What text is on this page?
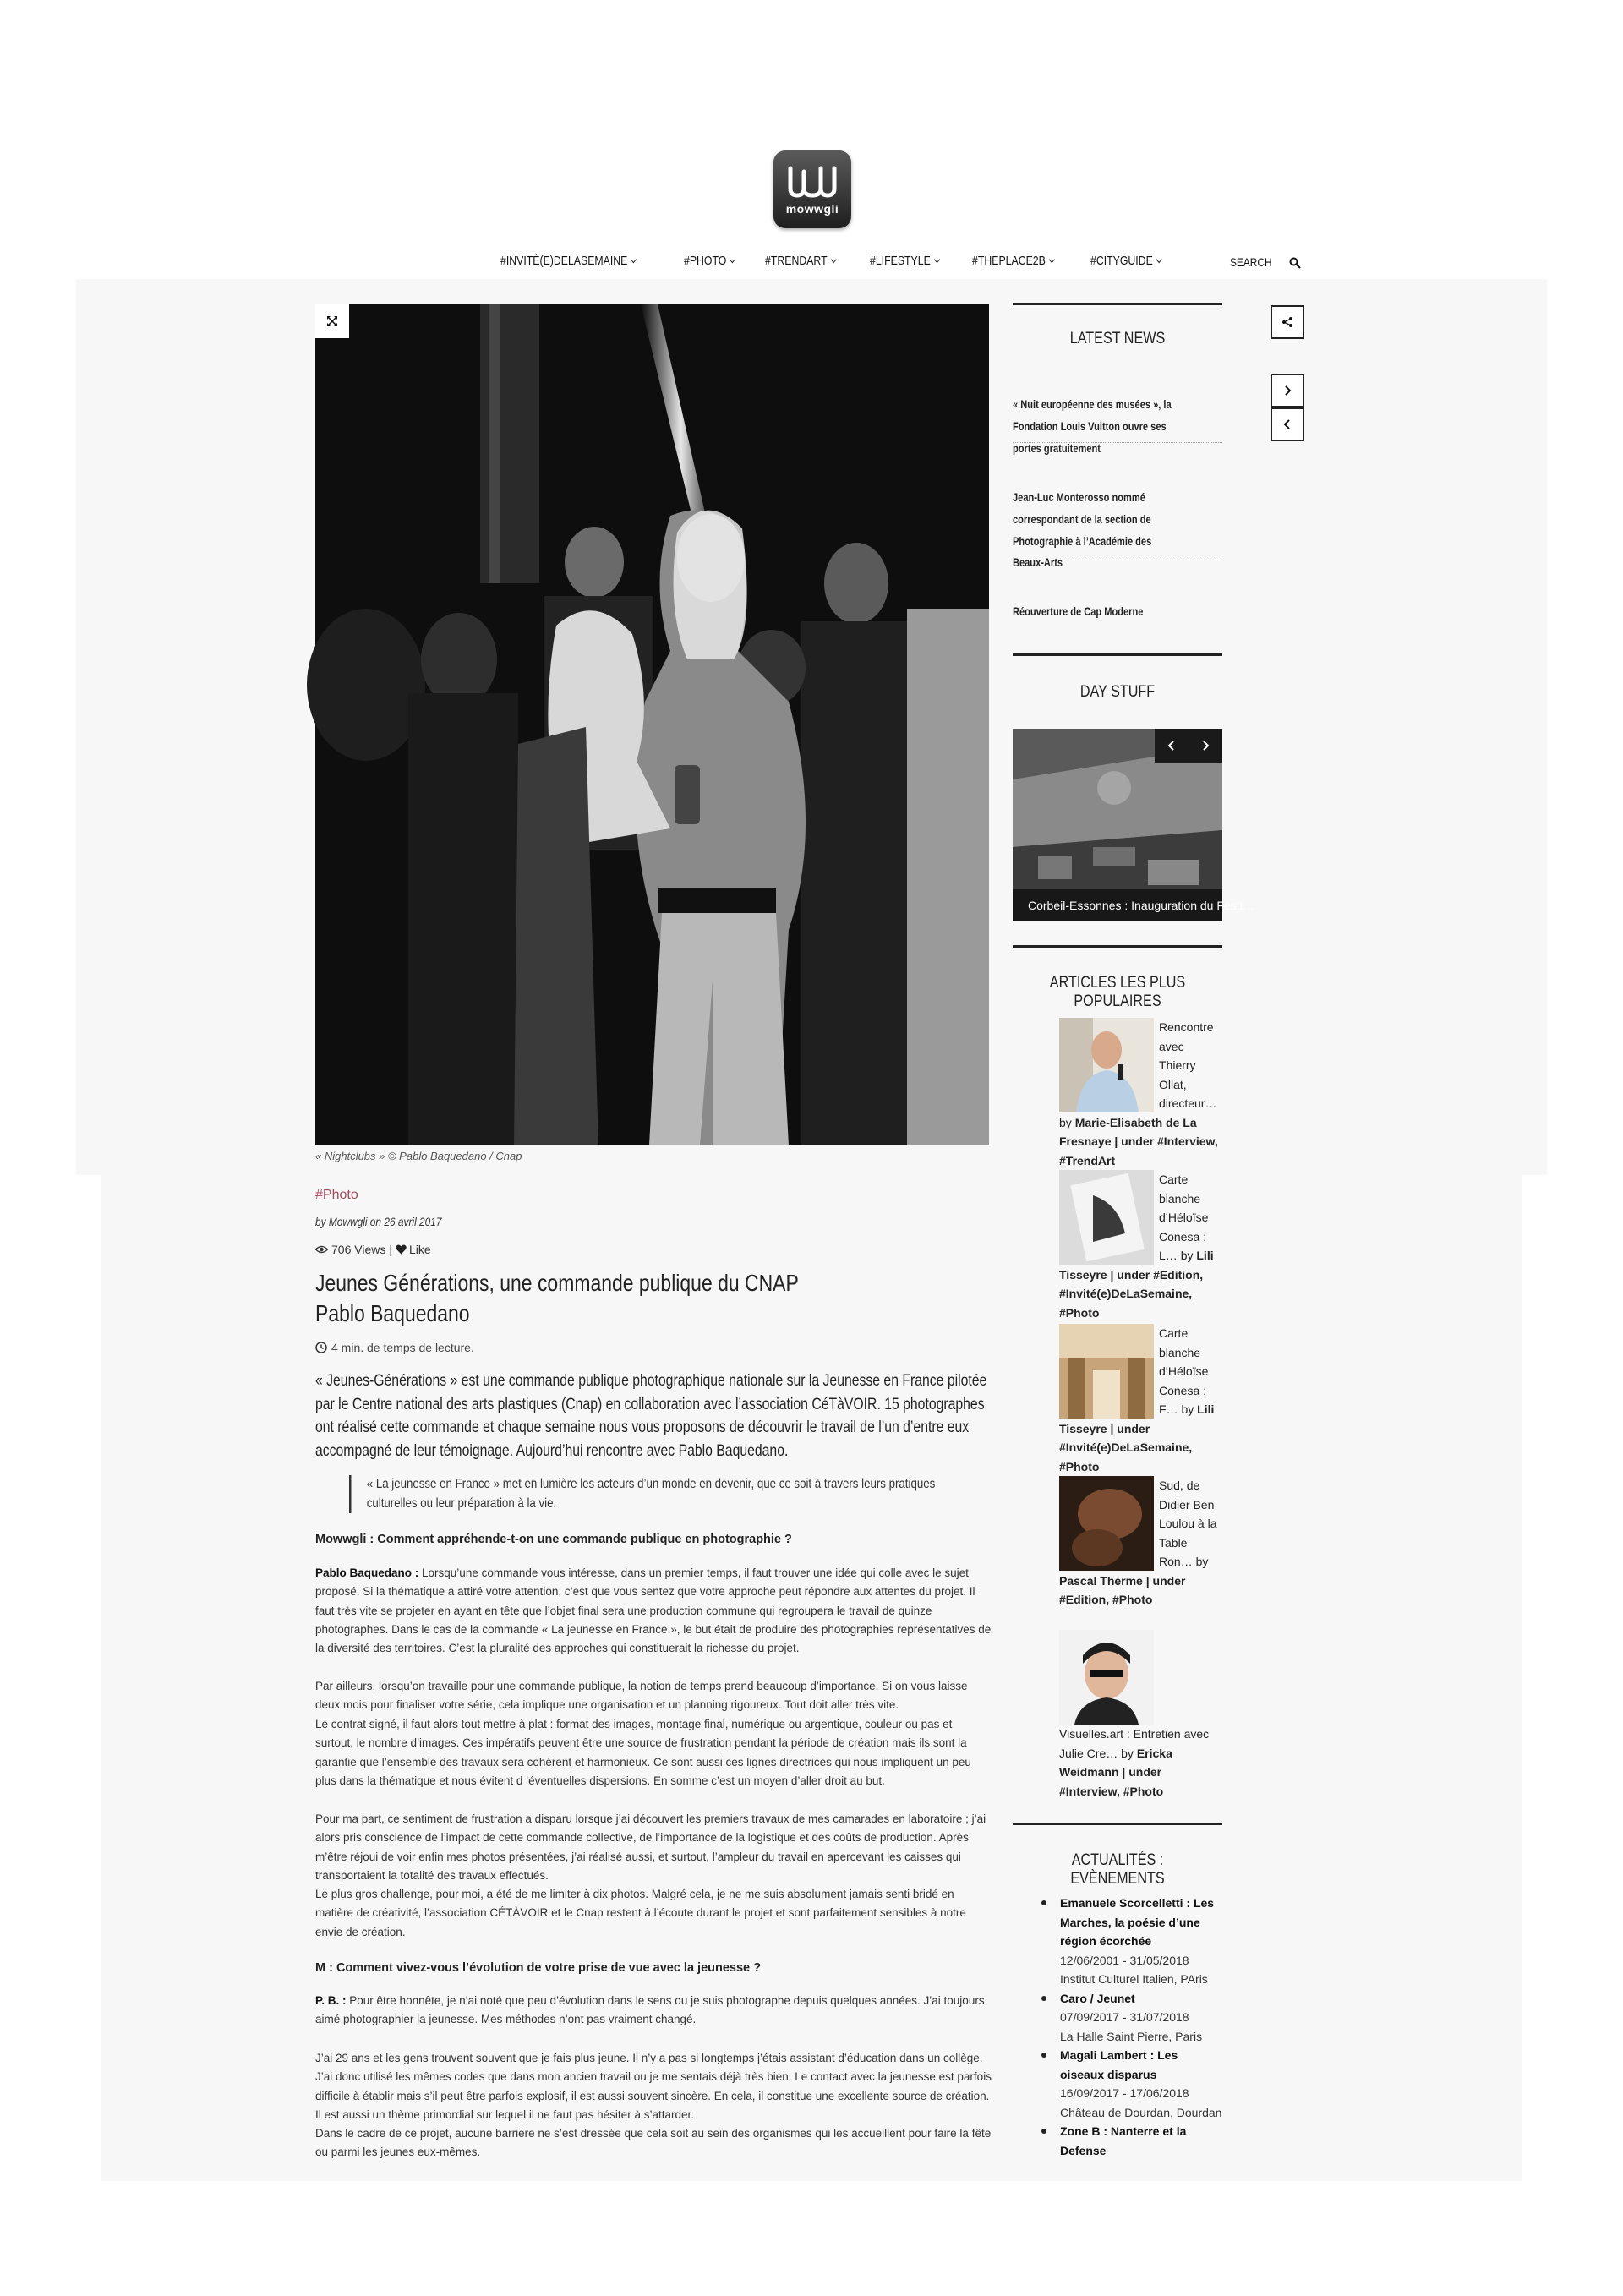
mowwgli
#INVITÉ(E)DELASEMAINE	#PHOTO	#TRENDART	#LIFESTYLE	#THEPLACE2B	#CITYGUIDE	SEARCH
« Nightclubs » © Pablo Baquedano / Cnap
#Photo
by Mowwgli on 26 avril 2017
706 Views | Like
Jeunes Générations, une commande publique du CNAP
Pablo Baquedano
4 min. de temps de lecture.
« Jeunes-Générations » est une commande publique photographique nationale sur la Jeunesse en France pilotée par le Centre national des arts plastiques (Cnap) en collaboration avec l’association CéTàVOIR. 15 photographes ont réalisé cette commande et chaque semaine nous vous proposons de découvrir le travail de l’un d’entre eux accompagné de leur témoignage. Aujourd’hui rencontre avec Pablo Baquedano.
« La jeunesse en France » met en lumière les acteurs d’un monde en devenir, que ce soit à travers leurs pratiques culturelles ou leur préparation à la vie.
Mowwgli : Comment appréhende-t-on une commande publique en photographie ?
Pablo Baquedano : Lorsqu’une commande vous intéresse, dans un premier temps, il faut trouver une idée qui colle avec le sujet proposé. Si la thématique a attiré votre attention, c’est que vous sentez que votre approche peut répondre aux attentes du projet. Il faut très vite se projeter en ayant en tête que l’objet final sera une production commune qui regroupera le travail de quinze photographes. Dans le cas de la commande « La jeunesse en France », le but était de produire des photographies représentatives de la diversité des territoires. C’est la pluralité des approches qui constituerait la richesse du projet.
Par ailleurs, lorsqu’on travaille pour une commande publique, la notion de temps prend beaucoup d’importance. Si on vous laisse deux mois pour finaliser votre série, cela implique une organisation et un planning rigoureux. Tout doit aller très vite.
Le contrat signé, il faut alors tout mettre à plat : format des images, montage final, numérique ou argentique, couleur ou pas et surtout, le nombre d’images. Ces impératifs peuvent être une source de frustration pendant la période de création mais ils sont la garantie que l’ensemble des travaux sera cohérent et harmonieux. Ce sont aussi ces lignes directrices qui nous impliquent un peu plus dans la thématique et nous évitent d ’éventuelles dispersions. En somme c’est un moyen d’aller droit au but.
Pour ma part, ce sentiment de frustration a disparu lorsque j’ai découvert les premiers travaux de mes camarades en laboratoire ; j’ai alors pris conscience de l’impact de cette commande collective, de l’importance de la logistique et des coûts de production. Après m’être réjoui de voir enfin mes photos présentées, j’ai réalisé aussi, et surtout, l’ampleur du travail en apercevant les caisses qui transportaient la totalité des travaux effectués.
Le plus gros challenge, pour moi, a été de me limiter à dix photos. Malgré cela, je ne me suis absolument jamais senti bridé en matière de créativité, l’association CÉTÀVOIR et le Cnap restent à l’écoute durant le projet et sont parfaitement sensibles à notre envie de création.
M : Comment vivez-vous l’évolution de votre prise de vue avec la jeunesse ?
P. B. : Pour être honnête, je n’ai noté que peu d’évolution dans le sens ou je suis photographe depuis quelques années. J’ai toujours aimé photographier la jeunesse. Mes méthodes n’ont pas vraiment changé.
J’ai 29 ans et les gens trouvent souvent que je fais plus jeune. Il n’y a pas si longtemps j’étais assistant d’éducation dans un collège. J’ai donc utilisé les mêmes codes que dans mon ancien travail ou je me sentais déjà très bien. Le contact avec la jeunesse est parfois difficile à établir mais s’il peut être parfois explosif, il est aussi souvent sincère. En cela, il constitue une excellente source de création. Il est aussi un thème primordial sur lequel il ne faut pas hésiter à s’attarder.
Dans le cadre de ce projet, aucune barrière ne s’est dressée que cela soit au sein des organismes qui les accueillent pour faire la fête ou parmi les jeunes eux-mêmes.
LATEST NEWS
« Nuit européenne des musées », la Fondation Louis Vuitton ouvre ses portes gratuitement
Jean-Luc Monterosso nommé correspondant de la section de Photographie à l’Académie des Beaux-Arts
Réouverture de Cap Moderne
DAY STUFF
Corbeil-Essonnes : Inauguration du Festi…
ARTICLES LES PLUS POPULAIRES
Rencontre avec Thierry Ollat, directeur… by Marie-Elisabeth de La Fresnaye | under #Interview, #TrendArt
Carte blanche d’Héloïse Conesa : L… by Lili Tisseyre | under #Edition, #Invité(e)DeLaSemaine, #Photo
Carte blanche d’Héloïse Conesa : F… by Lili Tisseyre | under #Invité(e)DeLaSemaine, #Photo
Sud, de Didier Ben Loulou à la Table Ron… by Pascal Therme | under #Edition, #Photo
Visuelles.art : Entretien avec Julie Cre… by Ericka Weidmann | under #Interview, #Photo
ACTUALITÉS : EVÈNEMENTS
Emanuele Scorcelletti : Les Marches, la poésie d’une région écorchée
12/06/2001 - 31/05/2018
Institut Culturel Italien, PAris
Caro / Jeunet
07/09/2017 - 31/07/2018
La Halle Saint Pierre, Paris
Magali Lambert : Les oiseaux disparus
16/09/2017 - 17/06/2018
Château de Dourdan, Dourdan
Zone B : Nanterre et la Defense
